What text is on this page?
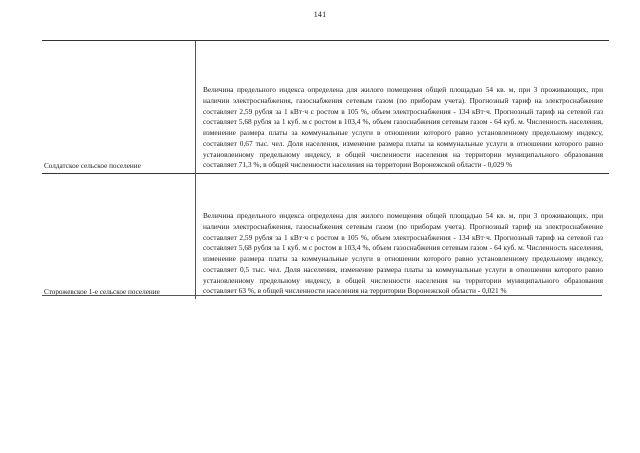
141
Солдатское сельское поселение	Величина предельного индекса определена для жилого помещения общей площадью 54 кв. м, при 3 проживающих, при наличии электроснабжения, газоснабжения сетевым газом (по приборам учета). Прогнозный тариф на электроснабжение составляет 2,59 рубля за 1 кВт·ч с ростом в 105 %, объем электроснабжения - 134 кВт·ч. Прогнозный тариф на сетевой газ составляет 5,68 рубля за 1 куб. м с ростом в 103,4 %, объем газоснабжения сетевым газом - 64 куб. м. Численность населения, изменение размера платы за коммунальные услуги в отношении которого равно установленному предельному индексу, составляет 0,67 тыс. чел. Доля населения, изменение размера платы за коммунальные услуги в отношении которого равно установленному предельному индексу, в общей численности населения на территории муниципального образования составляет 71,3 %, в общей численности населения на территории Воронежской области - 0,029 %

Сторожевское 1-е сельское поселение	Величина предельного индекса определена для жилого помещения общей площадью 54 кв. м, при 3 проживающих, при наличии электроснабжения, газоснабжения сетевым газом (по приборам учета). Прогнозный тариф на электроснабжение составляет 2,59 рубля за 1 кВт·ч с ростом в 105 %, объем электроснабжения - 134 кВт·ч. Прогнозный тариф на сетевой газ составляет 5,68 рубля за 1 куб. м с ростом в 103,4 %, объем газоснабжения сетевым газом - 64 куб. м. Численность населения, изменение размера платы за коммунальные услуги в отношении которого равно установленному предельному индексу, составляет 0,5 тыс. чел. Доля населения, изменение размера платы за коммунальные услуги в отношении которого равно установленному предельному индексу, в общей численности населения на территории муниципального образования составляет 63 %, в общей численности населения на территории Воронежской области - 0,021 %
